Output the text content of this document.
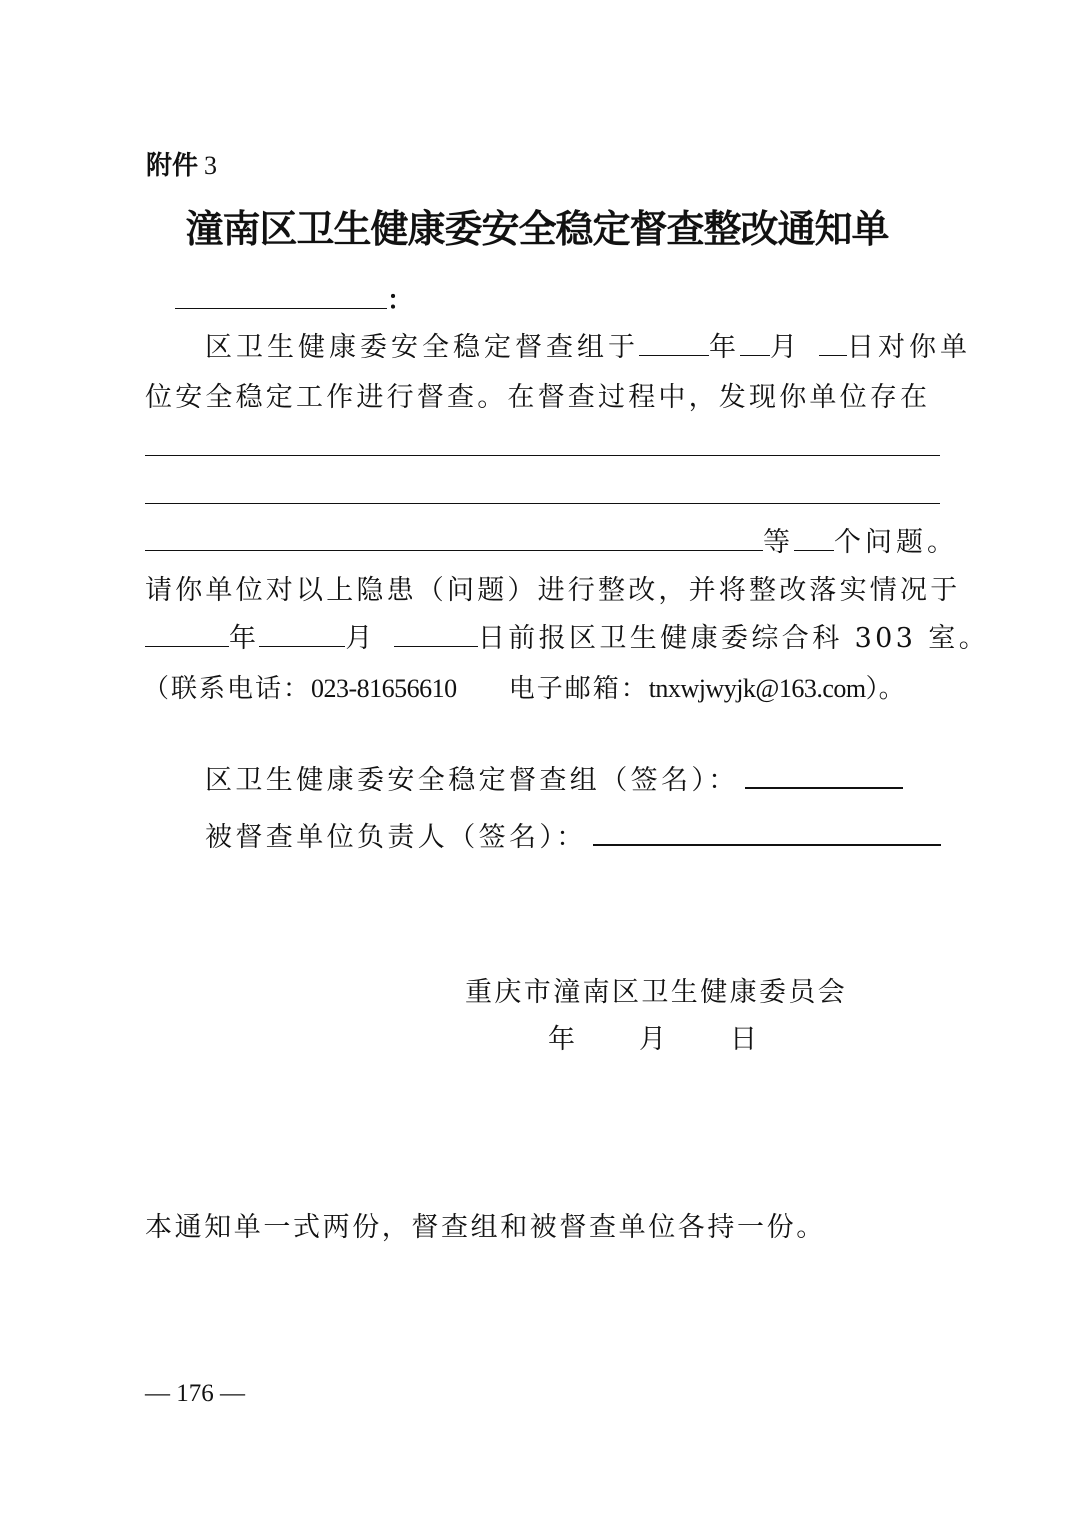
附件 3
潼南区卫生健康委安全稳定督查整改通知单
：
区卫生健康委安全稳定督查组于	年 月 日对你单
位安全稳定工作进行督查。在督查过程中，发现你单位存在
等 个问题。
请你单位对以上隐患（问题）进行整改，并将整改落实情况于
年	月	日前报区卫生健康委综合科 303 室。
（联系电话：023-81656610 电子邮箱：tnxwjwyjk@163.com）。
区卫生健康委安全稳定督查组（签名）：
被督查单位负责人（签名）：
重庆市潼南区卫生健康委员会
年 月 日
本通知单一式两份，督查组和被督查单位各持一份。
— 176 —
